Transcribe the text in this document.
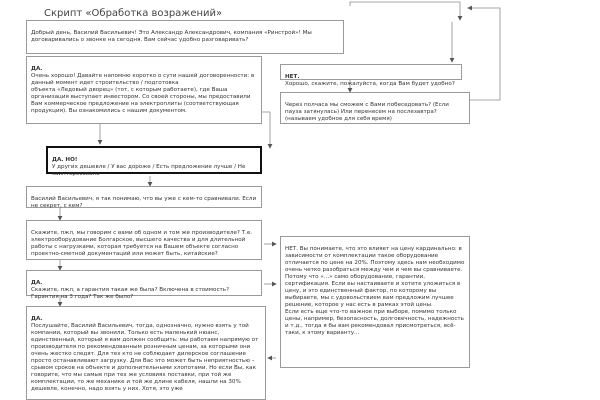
Скрипт «Обработка возражений»

Добрый день, Василий Васильевич! Это Александр Александрович, компания «Ринстрой»! Мы договаривались о звонке на сегодня. Вам сейчас удобно разговаривать?

ДА.
Очень хорошо! Давайте напомню коротко о сути нашей договоренности: в данный момент идет строительство / подготовка
объекта «Ледовый дворец» (тот, с которым работаете), где Ваша организация выступает инвестором. Со своей стороны, мы предоставили Вам коммерческое предложение на электроплиты (соответствующая продукция). Вы ознакомились с нашим документом.

НЕТ.
Хорошо, скажите, пожалуйста, когда Вам будет удобно?

Через полчаса мы сможем с Вами побеседовать? (Если пауза затянулась) Или перенесем на послезавтра? (называем удобное для себя время)

ДА. НО!
У других дешевле / У вас дороже / Есть предложение лучше / Не заинтересовало

Василий Васильевич, я так понимаю, что вы уже с кем-то сравнивали. Если не секрет, с кем?

Скажите, пжл, мы говорим с вами об одном и том же производителе? Т.е. электрооборудование Болгарское, высшего качества и для длительной работы с нагрузками, которая требуется на Вашем объекте согласно проектно-сметной документаций или может быть, китайские?

ДА.
Скажите, пжл, а гарантия такая же была? Включена в стоимость? Гарантия на 3 года? Так же было?

ДА.
Послушайте, Василий Васильевич, тогда, однозначно, нужно взять у той компании, который вы звонили. Только есть маленький нюанс, единственный, который я вам должен сообщить: мы работаем напрямую от производителя по рекомендованным розничным ценам, за которыми они очень жестко следят. Для тех кто не соблюдает дилерское соглашение просто останавливают загрузку. Для Вас это может быть неприятностью – срывом сроков на объекте и дополнительными хлопотами. Но если Вы, как говорите, что мы самые при тех же условиях поставки, при той же комплектации, то же механике и той же длине кабеля, нашли на 30% дешевле, конечно, надо взять у них. Хотя, это уже

НЕТ. Вы понимаете, что это влияет на цену кардинально: в зависимости от комплектации такое оборудование отличается по цене на 20%. Поэтому здесь нам необходимо очень четко разобраться между чем и чем вы сравниваете. Потому что «...» само оборудование, гарантии, сертификация. Если вы настаиваете и хотите уложиться в цену, и это единственный фактор, по которому вы выбираете, мы с удовольствием вам предложим лучшее решение, которое у нас есть в рамках этой цены.
Если есть еще что-то важное при выборе, помимо только цены, например, безопасность, долговечность, надежность и т.д., тогда я бы вам рекомендовал присмотреться, всё-таки, к этому варианту...
